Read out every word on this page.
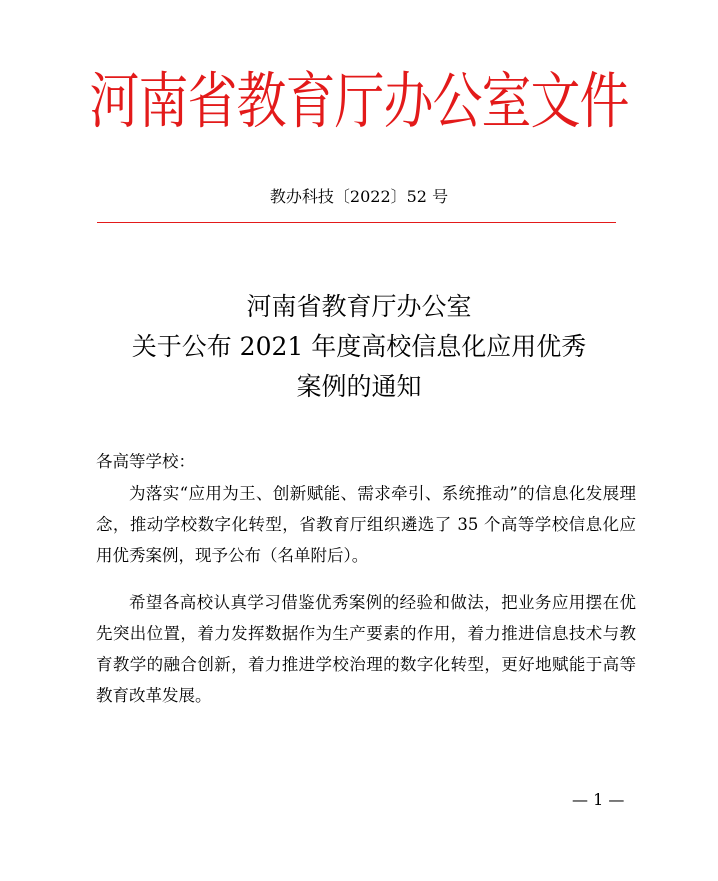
河南省教育厅办公室文件
教办科技〔2022〕52 号
河南省教育厅办公室
关于公布 2021 年度高校信息化应用优秀
案例的通知
各高等学校：

为落实“应用为王、创新赋能、需求牵引、系统推动”的信息化发展理念，推动学校数字化转型，省教育厅组织遴选了 35 个高等学校信息化应用优秀案例，现予公布（名单附后）。

希望各高校认真学习借鉴优秀案例的经验和做法，把业务应用摆在优先突出位置，着力发挥数据作为生产要素的作用，着力推进信息技术与教育教学的融合创新，着力推进学校治理的数字化转型，更好地赋能于高等教育改革发展。

— 1 —
